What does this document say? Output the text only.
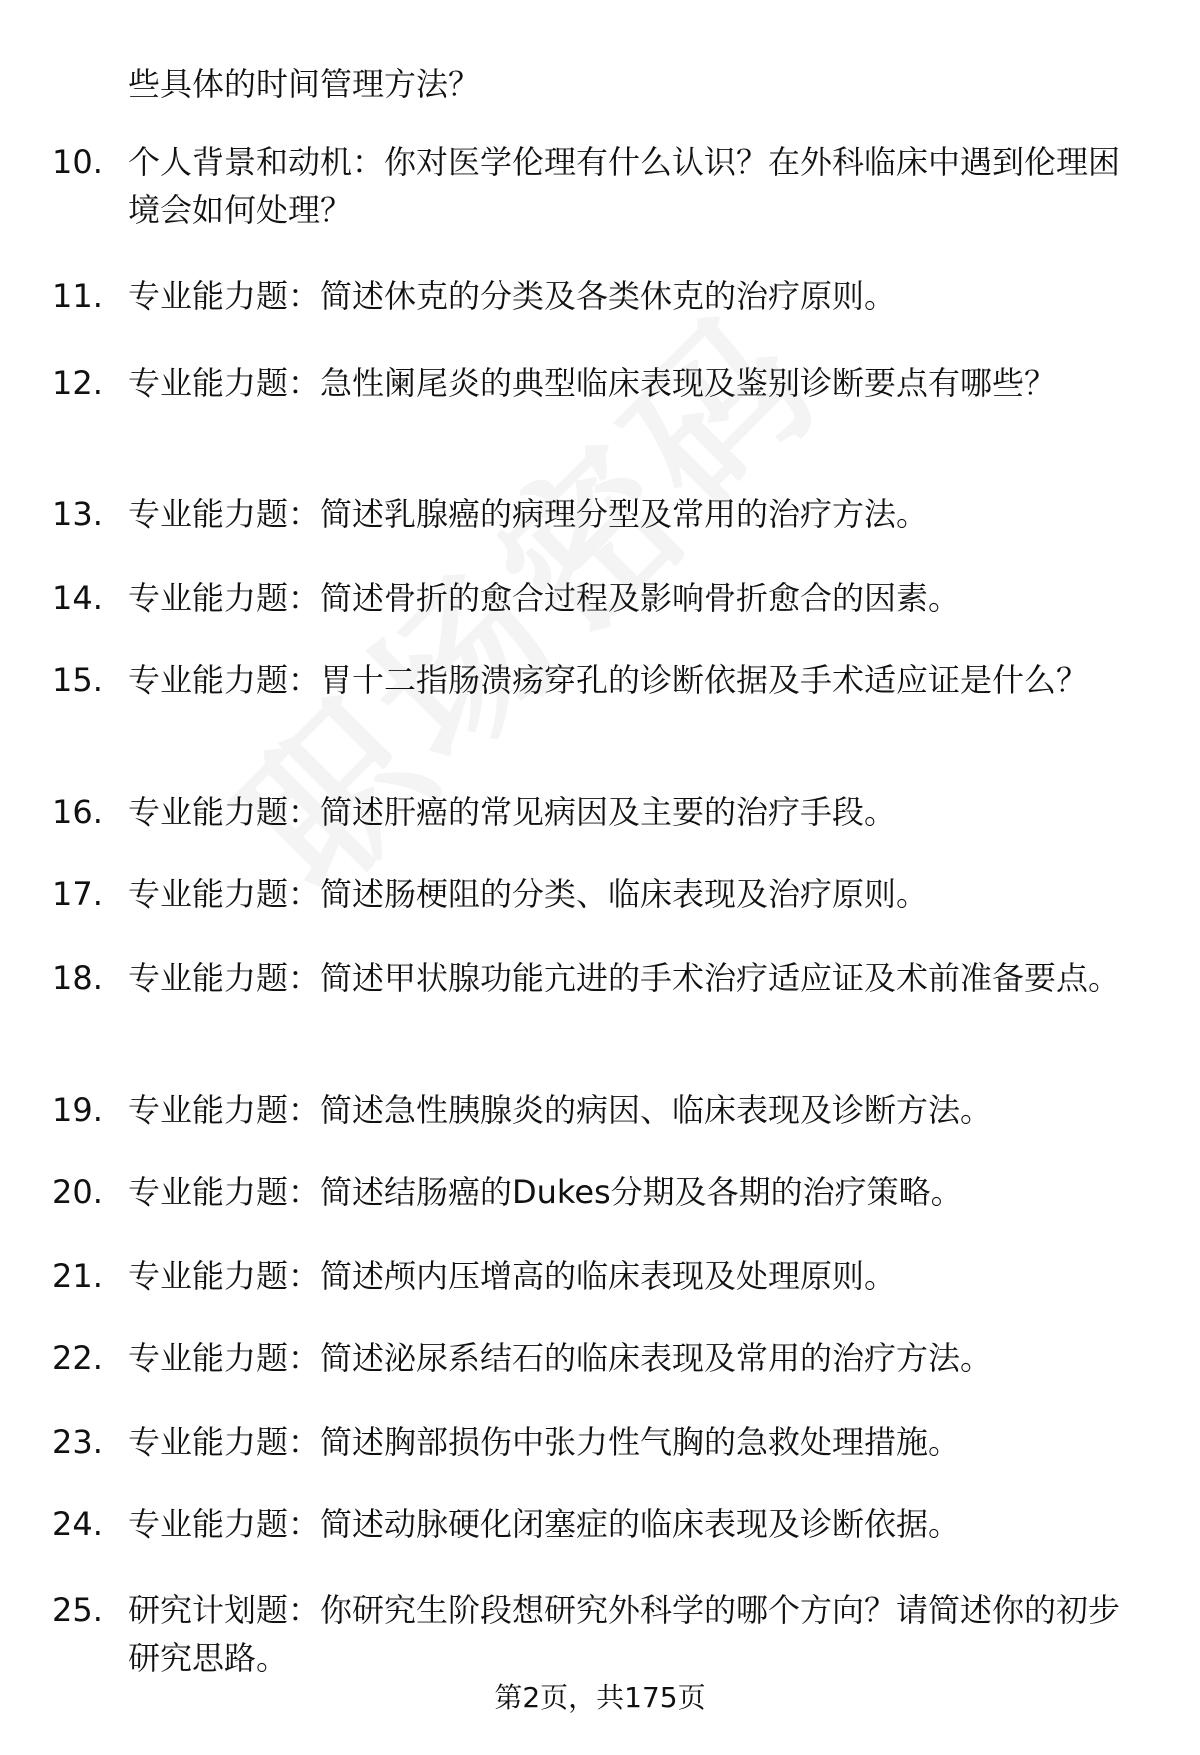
些具体的时间管理方法？
10. 个人背景和动机：你对医学伦理有什么认识？在外科临床中遇到伦理困境会如何处理？
11. 专业能力题：简述休克的分类及各类休克的治疗原则。
12. 专业能力题：急性阑尾炎的典型临床表现及鉴别诊断要点有哪些？
13. 专业能力题：简述乳腺癌的病理分型及常用的治疗方法。
14. 专业能力题：简述骨折的愈合过程及影响骨折愈合的因素。
15. 专业能力题：胃十二指肠溃疡穿孔的诊断依据及手术适应证是什么？
16. 专业能力题：简述肝癌的常见病因及主要的治疗手段。
17. 专业能力题：简述肠梗阻的分类、临床表现及治疗原则。
18. 专业能力题：简述甲状腺功能亢进的手术治疗适应证及术前准备要点。
19. 专业能力题：简述急性胰腺炎的病因、临床表现及诊断方法。
20. 专业能力题：简述结肠癌的Dukes分期及各期的治疗策略。
21. 专业能力题：简述颅内压增高的临床表现及处理原则。
22. 专业能力题：简述泌尿系结石的临床表现及常用的治疗方法。
23. 专业能力题：简述胸部损伤中张力性气胸的急救处理措施。
24. 专业能力题：简述动脉硬化闭塞症的临床表现及诊断依据。
25. 研究计划题：你研究生阶段想研究外科学的哪个方向？请简述你的初步研究思路。
第2页，共175页
